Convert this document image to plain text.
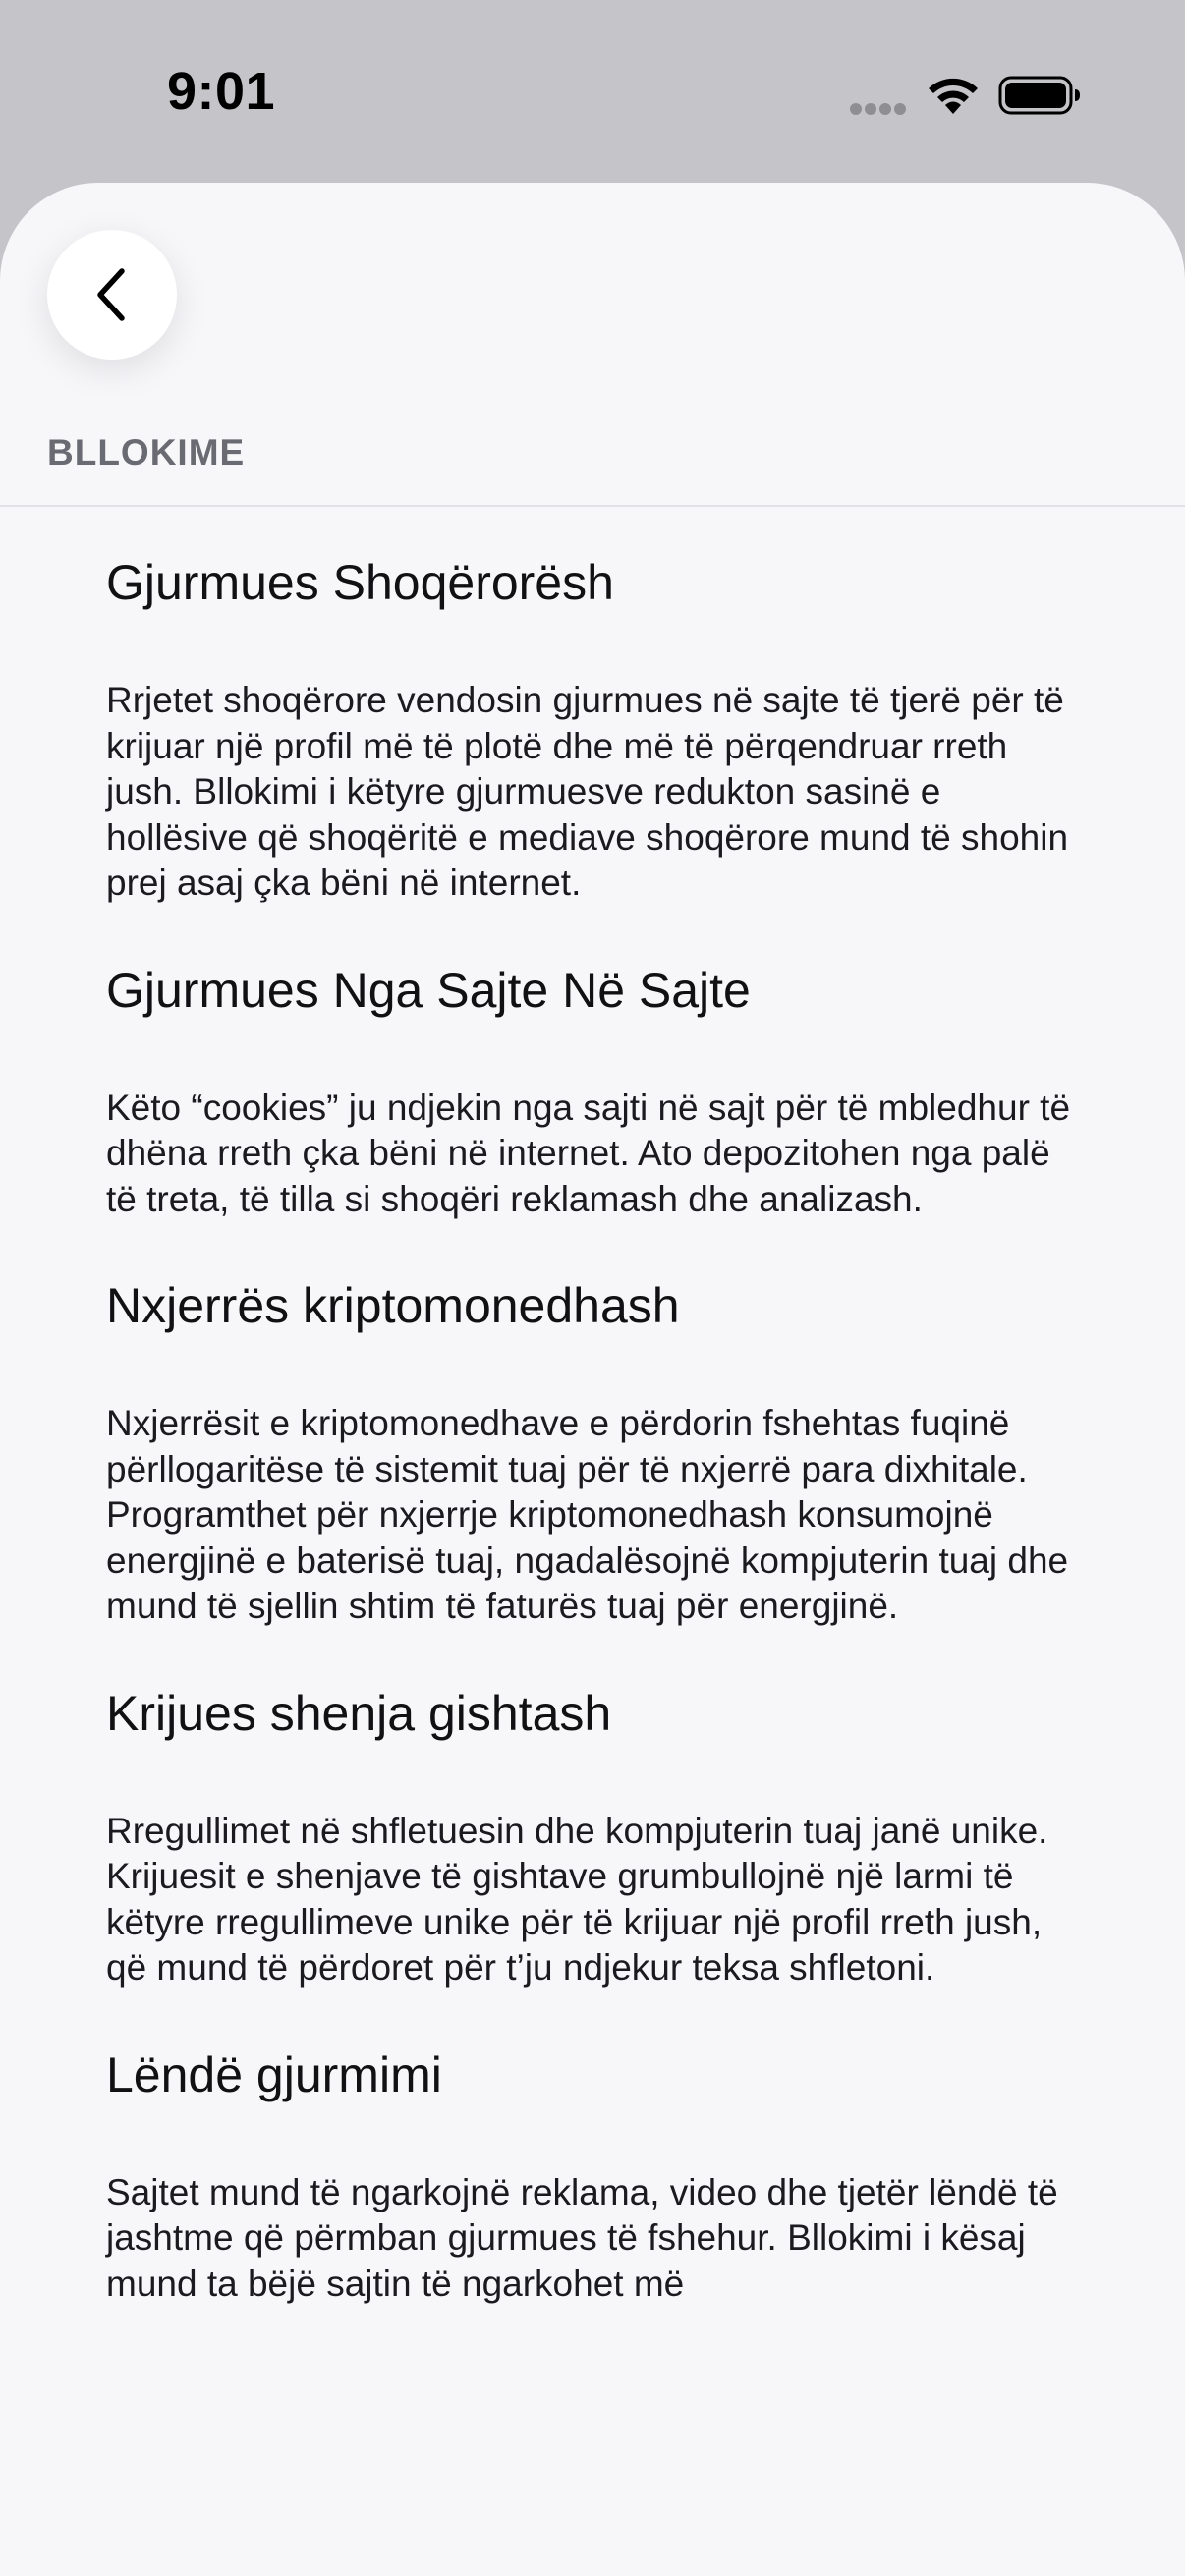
9:01
BLLOKIME
Gjurmues Shoqërorësh

Rrjetet shoqërore vendosin gjurmues në sajte të tjerë për të krijuar një profil më të plotë dhe më të përqendruar rreth jush. Bllokimi i këtyre gjurmuesve redukton sasinë e hollësive që shoqëritë e mediave shoqërore mund të shohin prej asaj çka bëni në internet.

Gjurmues Nga Sajte Në Sajte

Këto “cookies” ju ndjekin nga sajti në sajt për të mbledhur të dhëna rreth çka bëni në internet. Ato depozitohen nga palë të treta, të tilla si shoqëri reklamash dhe analizash.

Nxjerrës kriptomonedhash

Nxjerrësit e kriptomonedhave e përdorin fshehtas fuqinë përllogaritëse të sistemit tuaj për të nxjerrë para dixhitale. Programthet për nxjerrje kriptomonedhash konsumojnë energjinë e baterisë tuaj, ngadalësojnë kompjuterin tuaj dhe mund të sjellin shtim të faturës tuaj për energjinë.

Krijues shenja gishtash

Rregullimet në shfletuesin dhe kompjuterin tuaj janë unike. Krijuesit e shenjave të gishtave grumbullojnë një larmi të këtyre rregullimeve unike për të krijuar një profil rreth jush, që mund të përdoret për t’ju ndjekur teksa shfletoni.

Lëndë gjurmimi

Sajtet mund të ngarkojnë reklama, video dhe tjetër lëndë të jashtme që përmban gjurmues të fshehur. Bllokimi i kësaj mund ta bëjë sajtin të ngarkohet më
